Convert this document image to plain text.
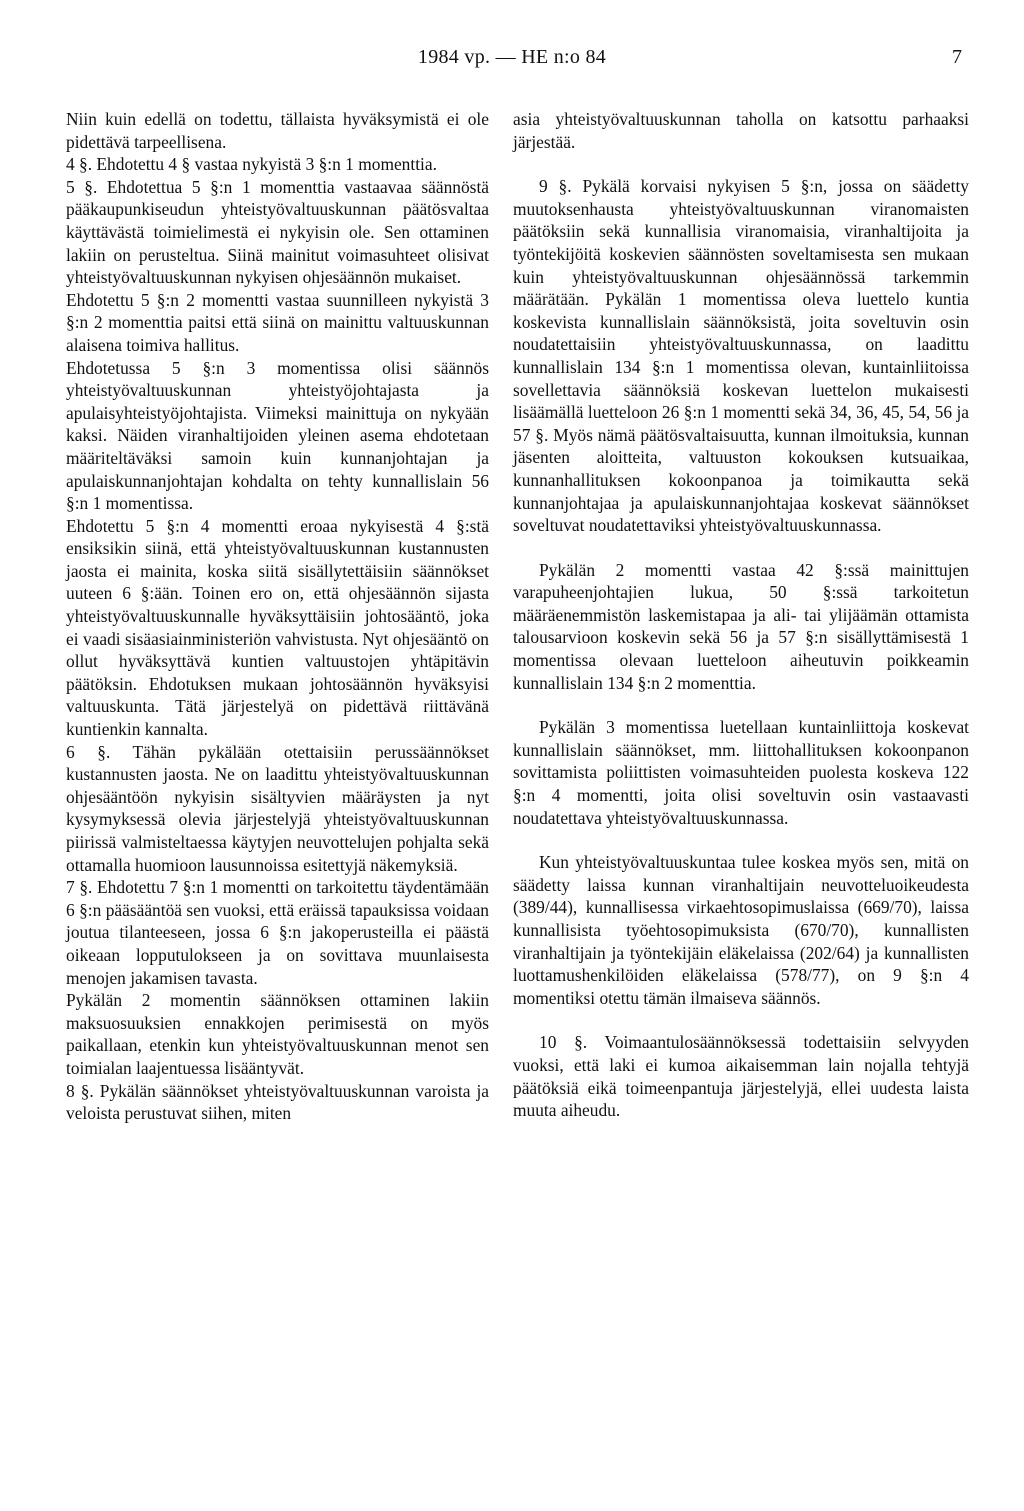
1984 vp. — HE n:o 84	7

Niin kuin edellä on todettu, tällaista hyväksymistä ei ole pidettävä tarpeellisena.

4 §. Ehdotettu 4 § vastaa nykyistä 3 §:n 1 momenttia.

5 §. Ehdotettua 5 §:n 1 momenttia vastaavaa säännöstä pääkaupunkiseudun yhteistyövaltuuskunnan päätösvaltaa käyttävästä toimielimestä ei nykyisin ole. Sen ottaminen lakiin on perusteltua. Siinä mainitut voimasuhteet olisivat yhteistyövaltuuskunnan nykyisen ohjesäännön mukaiset.

Ehdotettu 5 §:n 2 momentti vastaa suunnilleen nykyistä 3 §:n 2 momenttia paitsi että siinä on mainittu valtuuskunnan alaisena toimiva hallitus.

Ehdotetussa 5 §:n 3 momentissa olisi säännös yhteistyövaltuuskunnan yhteistyöjohtajasta ja apulaisyhteistyöjohtajista. Viimeksi mainittuja on nykyään kaksi. Näiden viranhaltijoiden yleinen asema ehdotetaan määriteltäväksi samoin kuin kunnanjohtajan ja apulaiskunnanjohtajan kohdalta on tehty kunnallislain 56 §:n 1 momentissa.

Ehdotettu 5 §:n 4 momentti eroaa nykyisestä 4 §:stä ensiksikin siinä, että yhteistyövaltuuskunnan kustannusten jaosta ei mainita, koska siitä sisällytettäisiin säännökset uuteen 6 §:ään. Toinen ero on, että ohjesäännön sijasta yhteistyövaltuuskunnalle hyväksyttäisiin johtosääntö, joka ei vaadi sisäasiainministeriön vahvistusta. Nyt ohjesääntö on ollut hyväksyttävä kuntien valtuustojen yhtäpitävin päätöksin. Ehdotuksen mukaan johtosäännön hyväksyisi valtuuskunta. Tätä järjestelyä on pidettävä riittävänä kuntienkin kannalta.

6 §. Tähän pykälään otettaisiin perussäännökset kustannusten jaosta. Ne on laadittu yhteistyövaltuuskunnan ohjesääntöön nykyisin sisältyvien määräysten ja nyt kysymyksessä olevia järjestelyjä yhteistyövaltuuskunnan piirissä valmisteltaessa käytyjen neuvottelujen pohjalta sekä ottamalla huomioon lausunnoissa esitettyjä näkemyksiä.

7 §. Ehdotettu 7 §:n 1 momentti on tarkoitettu täydentämään 6 §:n pääsääntöä sen vuoksi, että eräissä tapauksissa voidaan joutua tilanteeseen, jossa 6 §:n jakoperusteilla ei päästä oikeaan lopputulokseen ja on sovittava muunlaisesta menojen jakamisen tavasta.

Pykälän 2 momentin säännöksen ottaminen lakiin maksuosuuksien ennakkojen perimisestä on myös paikallaan, etenkin kun yhteistyövaltuuskunnan menot sen toimialan laajentuessa lisääntyvät.

8 §. Pykälän säännökset yhteistyövaltuuskunnan varoista ja veloista perustuvat siihen, miten

asia yhteistyövaltuuskunnan taholla on katsottu parhaaksi järjestää.

9 §. Pykälä korvaisi nykyisen 5 §:n, jossa on säädetty muutoksenhausta yhteistyövaltuuskunnan viranomaisten päätöksiin sekä kunnallisia viranomaisia, viranhaltijoita ja työntekijöitä koskevien säännösten soveltamisesta sen mukaan kuin yhteistyövaltuuskunnan ohjesäännössä tarkemmin määrätään. Pykälän 1 momentissa oleva luettelo kuntia koskevista kunnallislain säännöksistä, joita soveltuvin osin noudatettaisiin yhteistyövaltuuskunnassa, on laadittu kunnallislain 134 §:n 1 momentissa olevan, kuntainliitoissa sovellettavia säännöksiä koskevan luettelon mukaisesti lisäämällä luetteloon 26 §:n 1 momentti sekä 34, 36, 45, 54, 56 ja 57 §. Myös nämä päätösvaltaisuutta, kunnan ilmoituksia, kunnan jäsenten aloitteita, valtuuston kokouksen kutsuaikaa, kunnanhallituksen kokoonpanoa ja toimikautta sekä kunnanjohtajaa ja apulaiskunnanjohtajaa koskevat säännökset soveltuvat noudatettaviksi yhteistyövaltuuskunnassa.

Pykälän 2 momentti vastaa 42 §:ssä mainittujen varapuheenjohtajien lukua, 50 §:ssä tarkoitetun määräenemmistön laskemistapaa ja ali- tai ylijäämän ottamista talousarvioon koskevin sekä 56 ja 57 §:n sisällyttämisestä 1 momentissa olevaan luetteloon aiheutuvin poikkeamin kunnallislain 134 §:n 2 momenttia.

Pykälän 3 momentissa luetellaan kuntainliittoja koskevat kunnallislain säännökset, mm. liittohallituksen kokoonpanon sovittamista poliittisten voimasuhteiden puolesta koskeva 122 §:n 4 momentti, joita olisi soveltuvin osin vastaavasti noudatettava yhteistyövaltuuskunnassa.

Kun yhteistyövaltuuskuntaa tulee koskea myös sen, mitä on säädetty laissa kunnan viranhaltijain neuvotteluoikeudesta (389/44), kunnallisessa virkaehtosopimuslaissa (669/70), laissa kunnallisista työehtosopimuksista (670/70), kunnallisten viranhaltijain ja työntekijäin eläkelaissa (202/64) ja kunnallisten luottamushenkilöiden eläkelaissa (578/77), on 9 §:n 4 momentiksi otettu tämän ilmaiseva säännös.

10 §. Voimaantulosäännöksessä todettaisiin selvyyden vuoksi, että laki ei kumoa aikaisemman lain nojalla tehtyjä päätöksiä eikä toimeenpantuja järjestelyjä, ellei uudesta laista muuta aiheudu.
